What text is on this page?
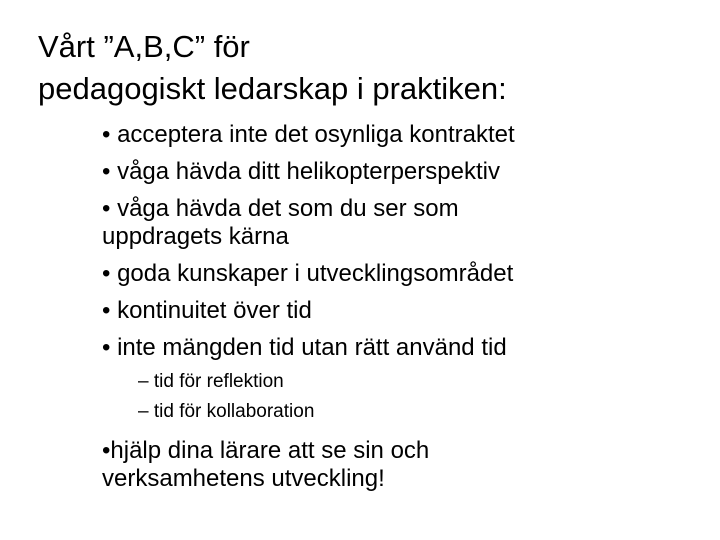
Vårt ”A,B,C” för
pedagogiskt ledarskap i praktiken:
• acceptera inte det osynliga kontraktet
• våga hävda ditt helikopterperspektiv
• våga hävda det som du ser som
uppdragets kärna
• goda kunskaper i utvecklingsområdet
• kontinuitet över tid
• inte mängden tid utan rätt använd tid
– tid för reflektion
– tid för kollaboration
•hjälp dina lärare att se sin och
verksamhetens utveckling!
